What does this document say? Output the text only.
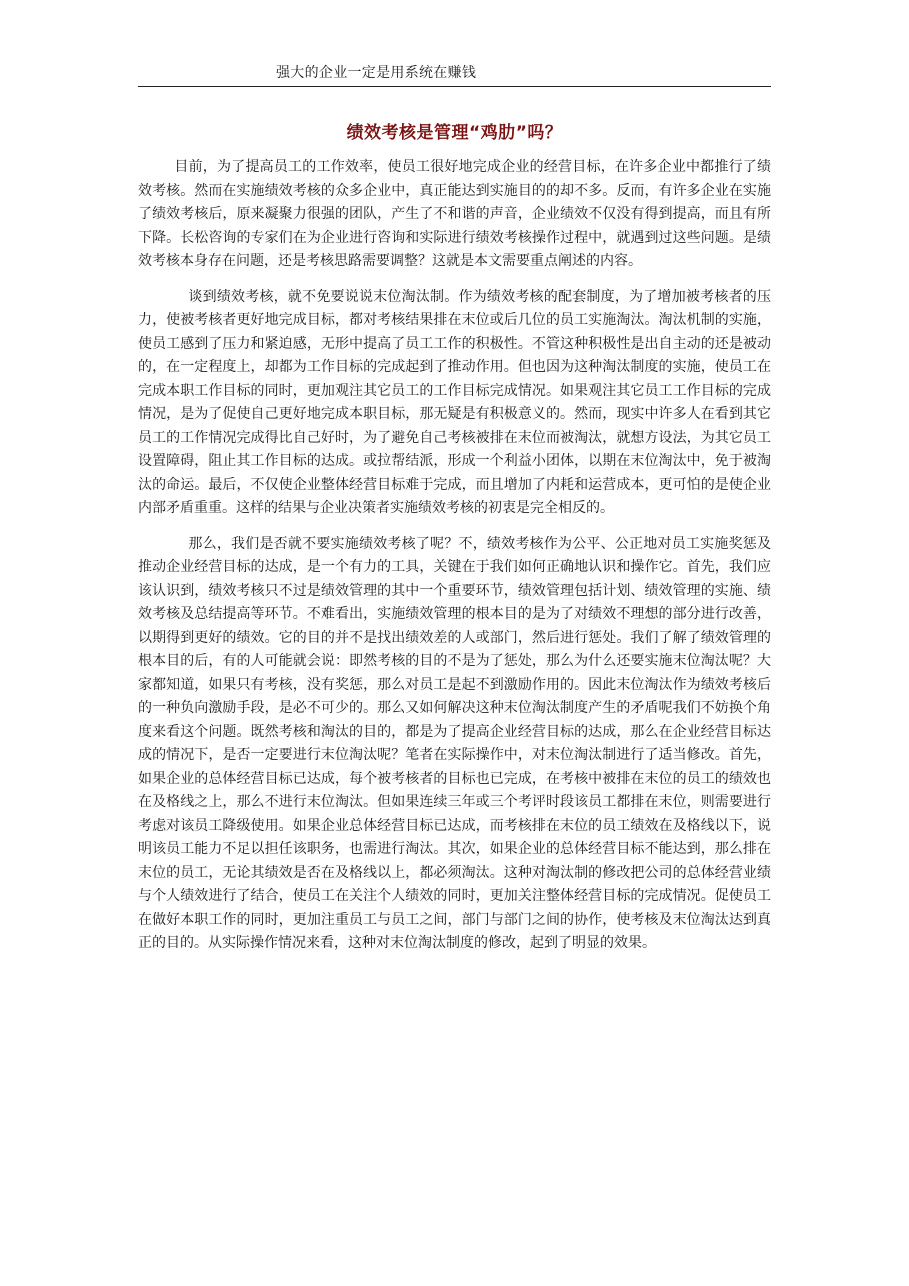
强大的企业一定是用系统在赚钱
绩效考核是管理“鸡肋”吗？

目前，为了提高员工的工作效率，使员工很好地完成企业的经营目标，在许多企业中都推行了绩效考核。然而在实施绩效考核的众多企业中，真正能达到实施目的的却不多。反而，有许多企业在实施了绩效考核后，原来凝聚力很强的团队，产生了不和谐的声音，企业绩效不仅没有得到提高，而且有所下降。长松咨询的专家们在为企业进行咨询和实际进行绩效考核操作过程中，就遇到过这些问题。是绩效考核本身存在问题，还是考核思路需要调整？这就是本文需要重点阐述的内容。

谈到绩效考核，就不免要说说末位淘汰制。作为绩效考核的配套制度，为了增加被考核者的压力，使被考核者更好地完成目标，都对考核结果排在末位或后几位的员工实施淘汰。淘汰机制的实施，使员工感到了压力和紧迫感，无形中提高了员工工作的积极性。不管这种积极性是出自主动的还是被动的，在一定程度上，却都为工作目标的完成起到了推动作用。但也因为这种淘汰制度的实施，使员工在完成本职工作目标的同时，更加观注其它员工的工作目标完成情况。如果观注其它员工工作目标的完成情况，是为了促使自己更好地完成本职目标，那无疑是有积极意义的。然而，现实中许多人在看到其它员工的工作情况完成得比自己好时，为了避免自己考核被排在末位而被淘汰，就想方设法，为其它员工设置障碍，阻止其工作目标的达成。或拉帮结派，形成一个利益小团体，以期在末位淘汰中，免于被淘汰的命运。最后，不仅使企业整体经营目标难于完成，而且增加了内耗和运营成本，更可怕的是使企业内部矛盾重重。这样的结果与企业决策者实施绩效考核的初衷是完全相反的。

那么，我们是否就不要实施绩效考核了呢？不，绩效考核作为公平、公正地对员工实施奖惩及推动企业经营目标的达成，是一个有力的工具，关键在于我们如何正确地认识和操作它。首先，我们应该认识到，绩效考核只不过是绩效管理的其中一个重要环节，绩效管理包括计划、绩效管理的实施、绩效考核及总结提高等环节。不难看出，实施绩效管理的根本目的是为了对绩效不理想的部分进行改善，以期得到更好的绩效。它的目的并不是找出绩效差的人或部门，然后进行惩处。我们了解了绩效管理的根本目的后，有的人可能就会说：即然考核的目的不是为了惩处，那么为什么还要实施末位淘汰呢？大家都知道，如果只有考核，没有奖惩，那么对员工是起不到激励作用的。因此末位淘汰作为绩效考核后的一种负向激励手段，是必不可少的。那么又如何解决这种末位淘汰制度产生的矛盾呢我们不妨换个角度来看这个问题。既然考核和淘汰的目的，都是为了提高企业经营目标的达成，那么在企业经营目标达成的情况下，是否一定要进行末位淘汰呢？笔者在实际操作中，对末位淘汰制进行了适当修改。首先，如果企业的总体经营目标已达成，每个被考核者的目标也已完成，在考核中被排在末位的员工的绩效也在及格线之上，那么不进行末位淘汰。但如果连续三年或三个考评时段该员工都排在末位，则需要进行考虑对该员工降级使用。如果企业总体经营目标已达成，而考核排在末位的员工绩效在及格线以下，说明该员工能力不足以担任该职务，也需进行淘汰。其次，如果企业的总体经营目标不能达到，那么排在末位的员工，无论其绩效是否在及格线以上，都必须淘汰。这种对淘汰制的修改把公司的总体经营业绩与个人绩效进行了结合，使员工在关注个人绩效的同时，更加关注整体经营目标的完成情况。促使员工在做好本职工作的同时，更加注重员工与员工之间，部门与部门之间的协作，使考核及末位淘汰达到真正的目的。从实际操作情况来看，这种对末位淘汰制度的修改，起到了明显的效果。
